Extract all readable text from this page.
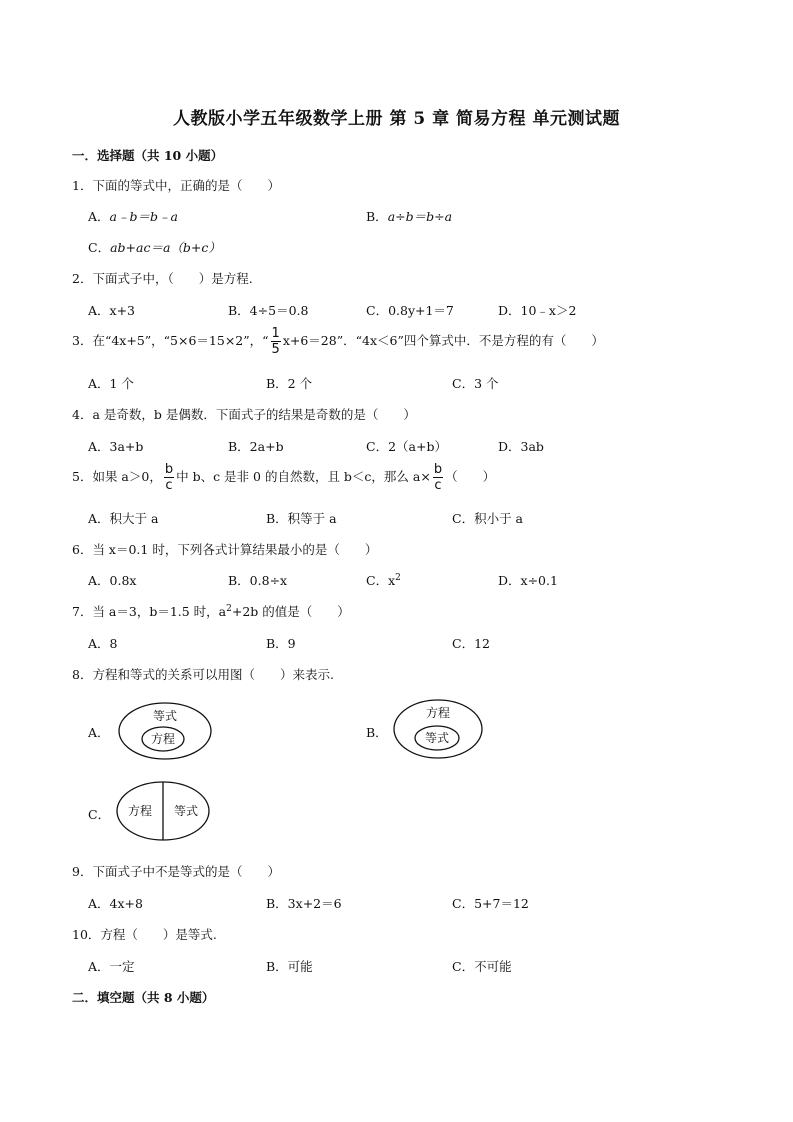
人教版小学五年级数学上册 第 5 章 简易方程 单元测试题
一．选择题（共 10 小题）
1．下面的等式中，正确的是（　　）
A．a﹣b＝b﹣a	B．a÷b＝b÷a
C．ab+ac＝a（b+c）
2．下面式子中，（　　）是方程.
A．x+3	B．4÷5＝0.8	C．0.8y+1＝7	D．10﹣x＞2
3．在“4x+5”，“5×6＝15×2”，“ $\frac{1}{5} x+6=28$”．“4x＜6”四个算式中．不是方程的有（　　）
A．1 个	B．2 个	C．3 个
4．a 是奇数，b 是偶数．下面式子的结果是奇数的是（　　）
A．3a+b	B．2a+b	C．2（a+b）	D．3ab
5．如果 a＞0， $\frac{b}{c}$ 中 b、c 是非 0 的自然数，且 b＜c，那么 $a\times \frac{b}{c}$ （　　）
A．积大于 a	B．积等于 a	C．积小于 a
6．当 x＝0.1 时，下列各式计算结果最小的是（　　）
A．0.8x	B．0.8÷x	C．$x^2$	D．x÷0.1
7．当 a＝3，b＝1.5 时，$a^2+2b$ 的值是（　　）
A．8	B．9	C．12
8．方程和等式的关系可以用图（　　）来表示.
A．
等式
方程	B．
方程
等式
C． 方程 等式
9．下面式子中不是等式的是（　　）
A．4x+8	B．3x+2＝6	C．5+7＝12
10．方程（　　）是等式.
A．一定	B．可能	C．不可能
二．填空题（共 8 小题）
